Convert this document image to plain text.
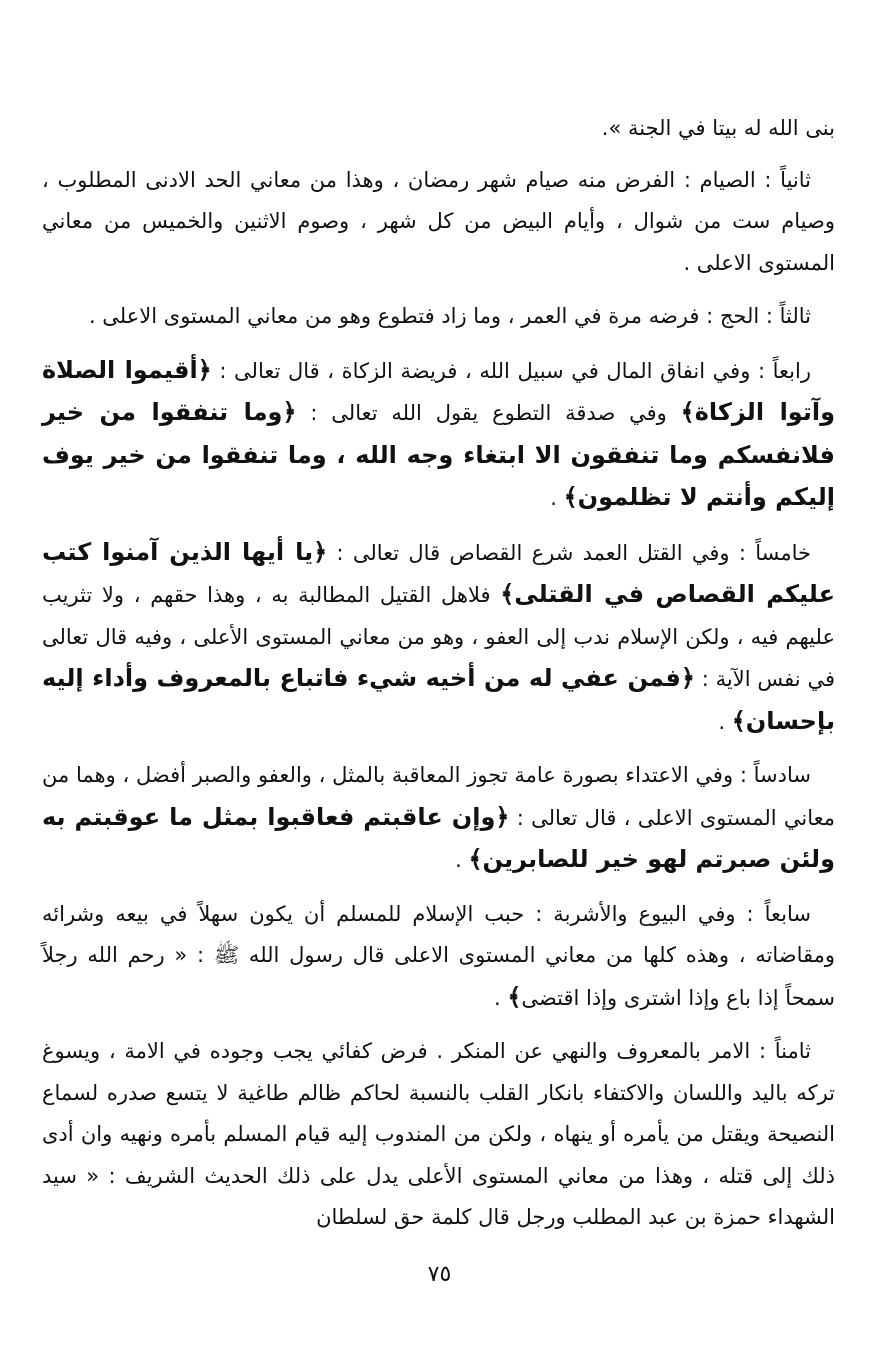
بنى الله له بيتا في الجنة ».

ثانياً : الصيام : الفرض منه صيام شهر رمضان ، وهذا من معاني الحد الادنى المطلوب ، وصيام ست من شوال ، وأيام البيض من كل شهر ، وصوم الاثنين والخميس من معاني المستوى الاعلى .

ثالثاً : الحج : فرضه مرة في العمر ، وما زاد فتطوع وهو من معاني المستوى الاعلى .

رابعاً : وفي انفاق المال في سبيل الله ، فريضة الزكاة ، قال تعالى : ﴿أقيموا الصلاة وآتوا الزكاة﴾ وفي صدقة التطوع يقول الله تعالى : ﴿وما تنفقوا من خير فلانفسكم وما تنفقون الا ابتغاء وجه الله ، وما تنفقوا من خير يوف إليكم وأنتم لا تظلمون﴾ .

خامساً : وفي القتل العمد شرع القصاص قال تعالى : ﴿يا أيها الذين آمنوا كتب عليكم القصاص في القتلى﴾ فلاهل القتيل المطالبة به ، وهذا حقهم ، ولا تثريب عليهم فيه ، ولكن الإسلام ندب إلى العفو ، وهو من معاني المستوى الأعلى ، وفيه قال تعالى في نفس الآية : ﴿فمن عفي له من أخيه شيء فاتباع بالمعروف وأداء إليه بإحسان﴾ .

سادساً : وفي الاعتداء بصورة عامة تجوز المعاقبة بالمثل ، والعفو والصبر أفضل ، وهما من معاني المستوى الاعلى ، قال تعالى : ﴿وإن عاقبتم فعاقبوا بمثل ما عوقبتم به ولئن صبرتم لهو خير للصابرين﴾ .

سابعاً : وفي البيوع والأشربة : حبب الإسلام للمسلم أن يكون سهلاً في بيعه وشرائه ومقاضاته ، وهذه كلها من معاني المستوى الاعلى قال رسول الله ﷺ : « رحم الله رجلاً سمحاً إذا باع وإذا اشترى وإذا اقتضى﴾ .

ثامناً : الامر بالمعروف والنهي عن المنكر . فرض كفائي يجب وجوده في الامة ، ويسوغ تركه باليد واللسان والاكتفاء بانكار القلب بالنسبة لحاكم ظالم طاغية لا يتسع صدره لسماع النصيحة ويقتل من يأمره أو ينهاه ، ولكن من المندوب إليه قيام المسلم بأمره ونهيه وان أدى ذلك إلى قتله ، وهذا من معاني المستوى الأعلى يدل على ذلك الحديث الشريف : « سيد الشهداء حمزة بن عبد المطلب ورجل قال كلمة حق لسلطان

٧٥
